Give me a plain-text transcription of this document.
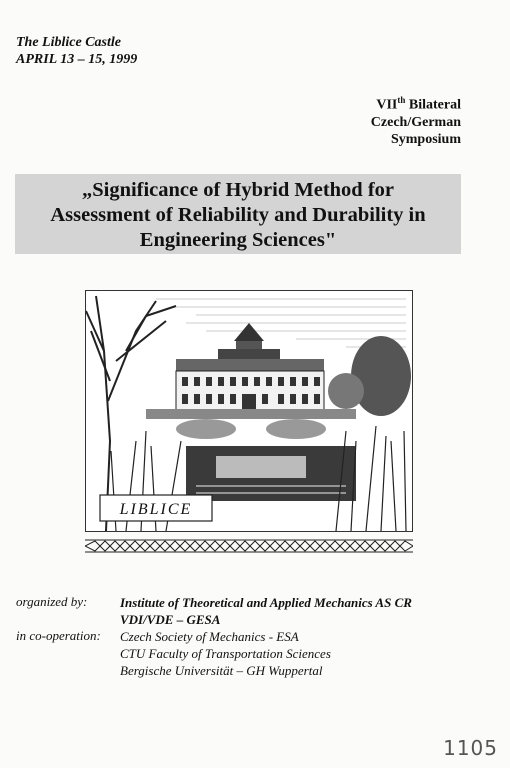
The Liblice Castle
APRIL 13 – 15, 1999
VIIth Bilateral
Czech/German
Symposium
„Significance of Hybrid Method for
Assessment of Reliability and Durability in
Engineering Sciences"
LIBLICE
organized by:	Institute of Theoretical and Applied Mechanics AS CR
VDI/VDE – GESA
in co-operation: Czech Society of Mechanics - ESA
CTU Faculty of Transportation Sciences
Bergische Universität – GH Wuppertal
1105
